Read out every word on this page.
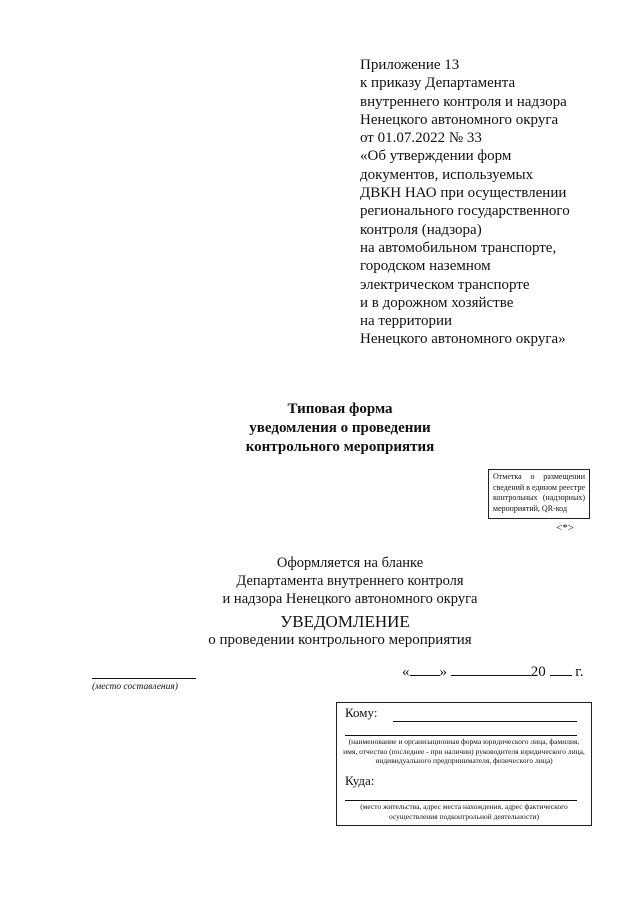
Приложение 13
к приказу Департамента
внутреннего контроля и надзора
Ненецкого автономного округа
от 01.07.2022 № 33
«Об утверждении форм
документов, используемых
ДВКН НАО при осуществлении
регионального государственного
контроля (надзора)
на автомобильном транспорте,
городском наземном
электрическом транспорте
и в дорожном хозяйстве
на территории
Ненецкого автономного округа»
Типовая форма
уведомления о проведении
контрольного мероприятия
Отметка о размещении сведений в едином реестре контрольных (надзорных) мероприятий, QR-код
<*>
Оформляется на бланке
Департамента внутреннего контроля
и надзора Ненецкого автономного округа
УВЕДОМЛЕНИЕ
о проведении контрольного мероприятия
(место составления)
« »	20 г.
Кому:
(наименование и организационная форма юридического лица, фамилия, имя, отчество (последнее - при наличии) руководителя юридического лица, индивидуального предпринимателя, физического лица)
Куда:
(место жительства, адрес места нахождения, адрес фактического осуществления подконтрольной деятельности)
